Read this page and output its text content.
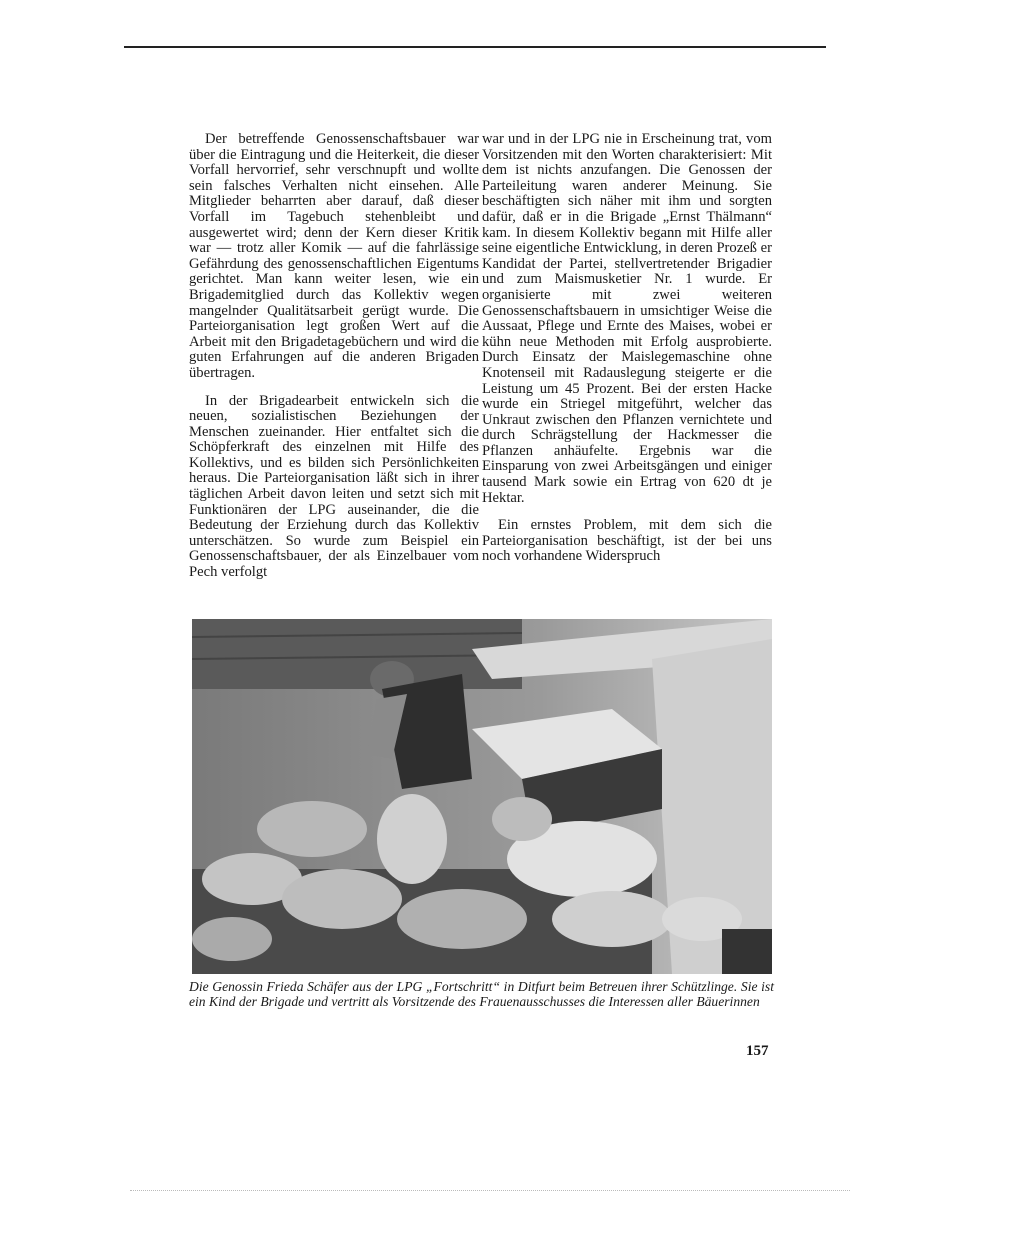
Der betreffende Genossenschaftsbauer war über die Eintragung und die Heiterkeit, die dieser Vorfall hervorrief, sehr verschnupft und wollte sein falsches Verhalten nicht einsehen. Alle Mitglieder beharrten aber darauf, daß dieser Vorfall im Tagebuch stehenbleibt und ausgewertet wird; denn der Kern dieser Kritik war — trotz aller Komik — auf die fahrlässige Gefährdung des genossenschaftlichen Eigentums gerichtet. Man kann weiter lesen, wie ein Brigademitglied durch das Kollektiv wegen mangelnder Qualitätsarbeit gerügt wurde. Die Parteiorganisation legt großen Wert auf die Arbeit mit den Brigadetagebüchern und wird die guten Erfahrungen auf die anderen Brigaden übertragen.

In der Brigadearbeit entwickeln sich die neuen, sozialistischen Beziehungen der Menschen zueinander. Hier entfaltet sich die Schöpferkraft des einzelnen mit Hilfe des Kollektivs, und es bilden sich Persönlichkeiten heraus. Die Parteiorganisation läßt sich in ihrer täglichen Arbeit davon leiten und setzt sich mit Funktionären der LPG auseinander, die die Bedeutung der Erziehung durch das Kollektiv unterschätzen. So wurde zum Beispiel ein Genossenschaftsbauer, der als Einzelbauer vom Pech verfolgt

war und in der LPG nie in Erscheinung trat, vom Vorsitzenden mit den Worten charakterisiert: Mit dem ist nichts anzufangen. Die Genossen der Parteileitung waren anderer Meinung. Sie beschäftigten sich näher mit ihm und sorgten dafür, daß er in die Brigade „Ernst Thälmann“ kam. In diesem Kollektiv begann mit Hilfe aller seine eigentliche Entwicklung, in deren Prozeß er Kandidat der Partei, stellvertretender Brigadier und zum Maismusketier Nr. 1 wurde. Er organisierte mit zwei weiteren Genossenschaftsbauern in umsichtiger Weise die Aussaat, Pflege und Ernte des Maises, wobei er kühn neue Methoden mit Erfolg ausprobierte. Durch Einsatz der Maislegemaschine ohne Knotenseil mit Radauslegung steigerte er die Leistung um 45 Prozent. Bei der ersten Hacke wurde ein Striegel mitgeführt, welcher das Unkraut zwischen den Pflanzen vernichtete und durch Schrägstellung der Hackmesser die Pflanzen anhäufelte. Ergebnis war die Einsparung von zwei Arbeitsgängen und einiger tausend Mark sowie ein Ertrag von 620 dt je Hektar.

Ein ernstes Problem, mit dem sich die Parteiorganisation beschäftigt, ist der bei uns noch vorhandene Widerspruch

Die Genossin Frieda Schäfer aus der LPG „Fortschritt“ in Ditfurt beim Betreuen ihrer Schützlinge. Sie ist ein Kind der Brigade und vertritt als Vorsitzende des Frauenausschusses die Interessen aller Bäuerinnen
157
